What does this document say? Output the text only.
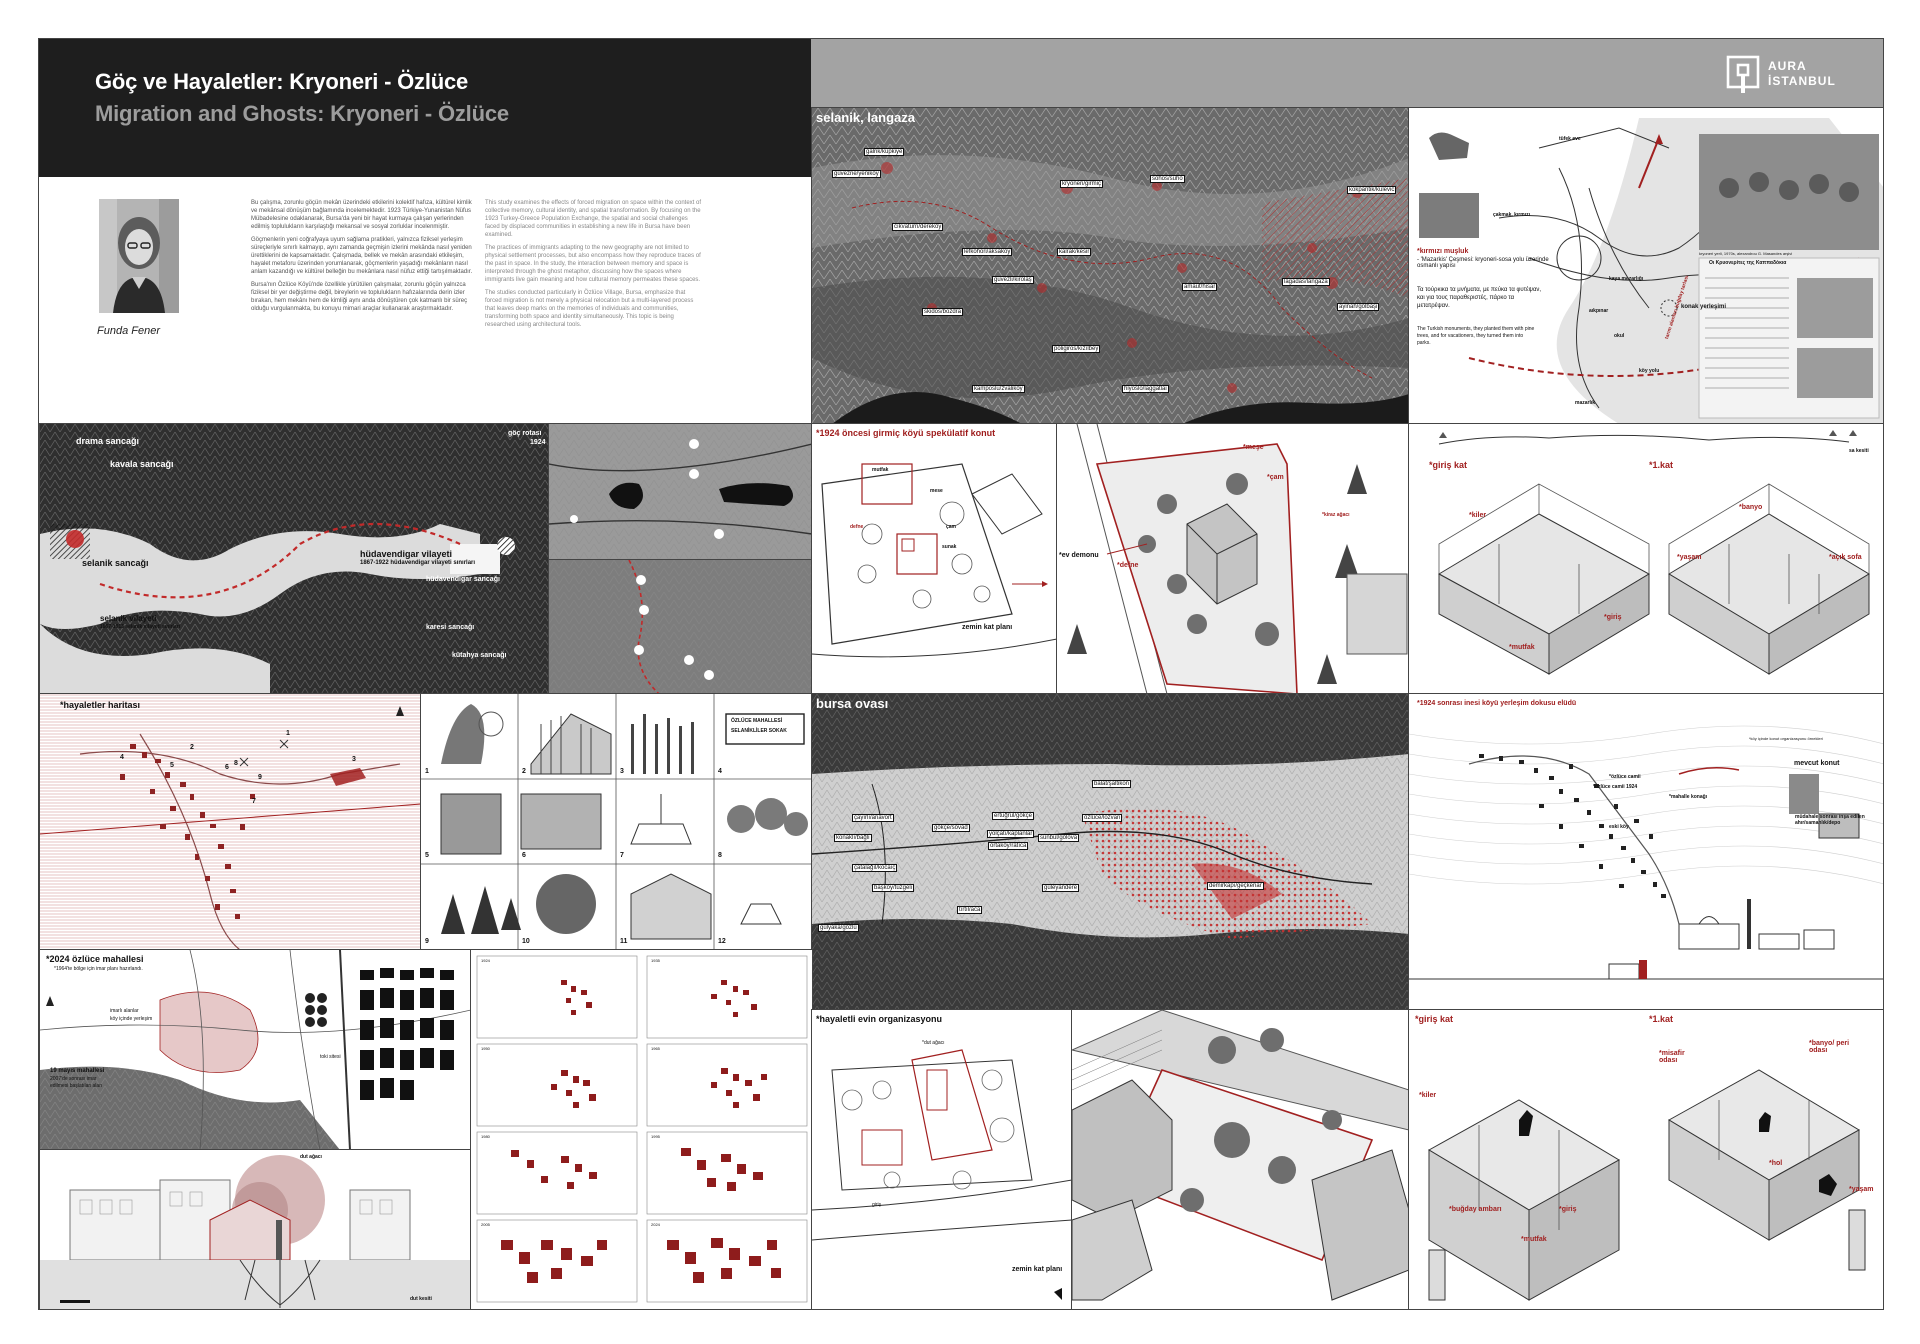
Göç ve Hayaletler: Kryoneri - Özlüce
Migration and Ghosts: Kryoneri - Özlüce
AURA
İSTANBUL
Funda Fener

Bu çalışma, zorunlu göçün mekân üzerindeki etkilerini kolektif hafıza, kültürel kimlik ve mekânsal dönüşüm bağlamında incelemektedir. 1923 Türkiye-Yunanistan Nüfus Mübadelesine odaklanarak, Bursa'da yeni bir hayat kurmaya çalışan yerlerinden edilmiş toplulukların karşılaştığı mekansal ve sosyal zorluklar incelenmiştir.

Göçmenlerin yeni coğrafyaya uyum sağlama pratikleri, yalnızca fiziksel yerleşim süreçleriyle sınırlı kalmayıp, aynı zamanda geçmişin izlerini mekânda nasıl yeniden ürettiklerini de kapsamaktadır. Çalışmada, bellek ve mekân arasındaki etkileşim, hayalet metaforu üzerinden yorumlanarak, göçmenlerin yaşadığı mekânların nasıl anlam kazandığı ve kültürel belleğin bu mekânlara nasıl nüfuz ettiği tartışılmaktadır.

Bursa'nın Özlüce Köyü'nde özellikle yürütülen çalışmalar, zorunlu göçün yalnızca fiziksel bir yer değiştirme değil, bireylerin ve toplulukların hafızalarında derin izler bırakan, hem mekânı hem de kimliği aynı anda dönüştüren çok katmanlı bir süreç olduğu vurgulanmakta, bu konuyu mimari araçlar kullanarak araştırmaktadır.

This study examines the effects of forced migration on space within the context of collective memory, cultural identity, and spatial transformation. By focusing on the 1923 Turkey-Greece Population Exchange, the spatial and social challenges faced by displaced communities in establishing a new life in Bursa have been examined.

The practices of immigrants adapting to the new geography are not limited to physical settlement processes, but also encompass how they reproduce traces of the past in space. In the study, the interaction between memory and space is interpreted through the ghost metaphor, discussing how the spaces where immigrants live gain meaning and how cultural memory permeates these spaces.

The studies conducted particularly in Özlüce Village, Bursa, emphasize that forced migration is not merely a physical relocation but a multi-layered process that leaves deep marks on the memories of individuals and communities, transforming both space and identity simultaneously. This topic is being researched using architectural tools.

selanik, langaza
galrik/küpkiye
güvezne/yeniköy
kryoneri/girmiç
sohos/suho
kokpantik/kulevic
cıkvaturn/dereköy
guvezli/kirolaş
kalrak/kesir
lefkohori/aksakoy
amaut/hisar
poligiros/kızılbey
lagadas/langaza
skidos/bozdra
ayinah/gölbaşi
hiyoslo/laggatlai
kamposlu/zvaliköy
çakmak, kırmızı
tüfek eve
kaya mezarlığı
aıkpınar
okul
mazarlık
köy yolu
konak yerleşimi
tarım alanları buğday tarlası
*kırmızı muşluk
- 'Mazarkis' Çeşmesi: kryoneri-sosa yolu üzerinde osmanlı yapısı
Τα τούρκικα τα μνήματα, με πεύκα τα φυτέψαν, και για τους παραθεριστές, πάρκο τα μετατρέψαν.
The Turkish monuments, they planted them with pine trees, and for vacationers, they turned them into parks.
kryoneri yerli, 1970s, alexandrou G. Masandes arşivi
Οι Κρυονερίτες της Καππαδόκια
göç rotası
1924
drama sancağı
kavala sancağı
selanik sancağı
hüdavendigar vilayeti
1867-1922 hüdavendigar vilayeti sınırları
hüdavendigar sancağı
karesi sancağı
kütahya sancağı
selanik vilayeti
1867-1913 selanik vilayeti sınırları
*1924 öncesi girmiç köyü spekülatif konut
mutfak
mese
çam
defne
sunak
zemin kat planı
*meşe
*çam
*defne
*ev demonu
*kiraz ağacı
*giriş kat	*1.kat
*kiler
*mutfak
*giriş
*banyo
*yaşam	*açık sofa
sa kesiti
*hayaletler haritası
1
2
3
4
5	6
7
8
9
1	2	3	4
5	6	7	8
9	10	11	12
ÖZLÜCE MAHALLESİ
SELANİKLİLER SOKAK
bursa ovası
balat/şaltikon
özlüce/lozvan
çayırlı/anavort
konaklı/bağlı
gökçe/sövad
ertuğrul/gökçe
yolçatı/kaplanlar
çatalağıl/kocaıç
başköy/tüzgeli
tırtıl/aca
ortaköy/ratıca
sünbul/gölova
demirkapı/geçkenar
güleyandere
gülyaka/gözlü
*1924 sonrası inesi köyü yerleşim dokusu elüdü
*köy içinde konut organizasyonu örnekleri
mevcut konut
*özlüce camii 1924
*özlüce camii
*mahalle konağı
eski köy
müdahale sonrası inşa edilen ahır/samanlık/depo
*2024 özlüce mahallesi
*1964'te bölge için imar planı hazırlandı.
imarlı alanlar
köy içinde yerleşim
19 mayıs mahallesi
2007'de sonrası imar
edilmesi başlatılan alan
toki sitesi
dut ağacı
dut kesiti
1924	1935
1950	1965
1980	1995
2005	2024
*hayaletli evin organizasyonu
*dut ağacı
giriş
zemin kat planı
*giriş kat	*1.kat
*kiler
*buğday ambarı	*giriş
*mutfak
*misafir odası
*banyo/ peri odası
*hol
*yaşam
